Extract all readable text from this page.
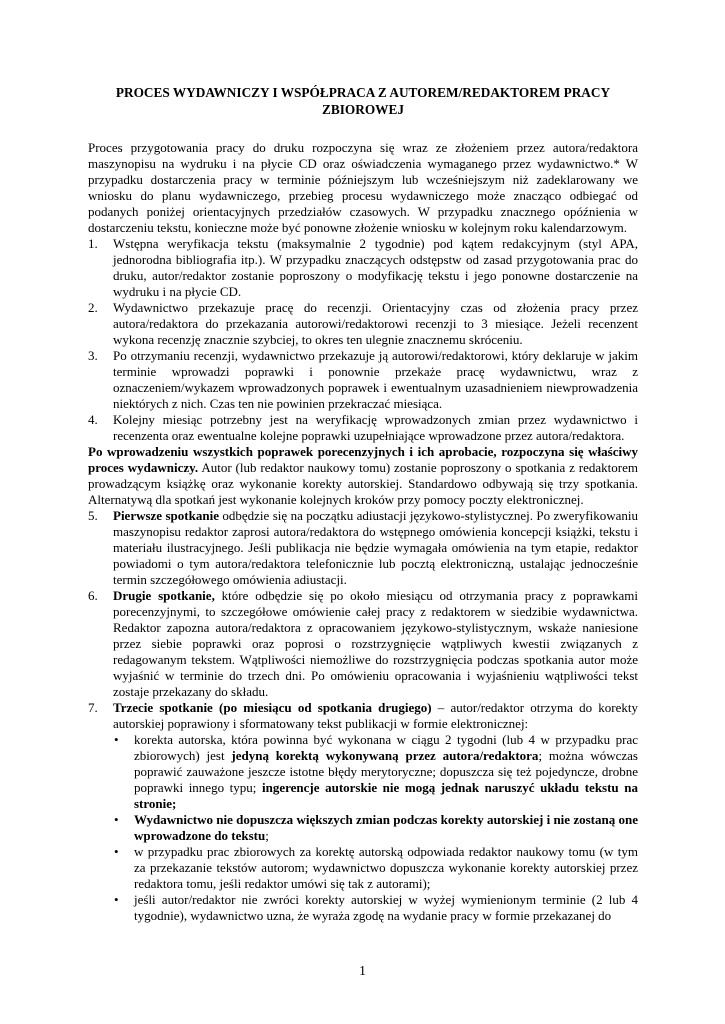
PROCES WYDAWNICZY I WSPÓŁPRACA Z AUTOREM/REDAKTOREM PRACY ZBIOROWEJ

Proces przygotowania pracy do druku rozpoczyna się wraz ze złożeniem przez autora/redaktora maszynopisu na wydruku i na płycie CD oraz oświadczenia wymaganego przez wydawnictwo.* W przypadku dostarczenia pracy w terminie późniejszym lub wcześniejszym niż zadeklarowany we wniosku do planu wydawniczego, przebieg procesu wydawniczego może znacząco odbiegać od podanych poniżej orientacyjnych przedziałów czasowych. W przypadku znacznego opóźnienia w dostarczeniu tekstu, konieczne może być ponowne złożenie wniosku w kolejnym roku kalendarzowym.

1.	Wstępna weryfikacja tekstu (maksymalnie 2 tygodnie) pod kątem redakcyjnym (styl APA, jednorodna bibliografia itp.). W przypadku znaczących odstępstw od zasad przygotowania prac do druku, autor/redaktor zostanie poproszony o modyfikację tekstu i jego ponowne dostarczenie na wydruku i na płycie CD.
2.	Wydawnictwo przekazuje pracę do recenzji. Orientacyjny czas od złożenia pracy przez autora/redaktora do przekazania autorowi/redaktorowi recenzji to 3 miesiące. Jeżeli recenzent wykona recenzję znacznie szybciej, to okres ten ulegnie znacznemu skróceniu.
3.	Po otrzymaniu recenzji, wydawnictwo przekazuje ją autorowi/redaktorowi, który deklaruje w jakim terminie wprowadzi poprawki i ponownie przekaże pracę wydawnictwu, wraz z oznaczeniem/wykazem wprowadzonych poprawek i ewentualnym uzasadnieniem niewprowadzenia niektórych z nich. Czas ten nie powinien przekraczać miesiąca.
4.	Kolejny miesiąc potrzebny jest na weryfikację wprowadzonych zmian przez wydawnictwo i recenzenta oraz ewentualne kolejne poprawki uzupełniające wprowadzone przez autora/redaktora.

Po wprowadzeniu wszystkich poprawek porecenzyjnych i ich aprobacie, rozpoczyna się właściwy proces wydawniczy. Autor (lub redaktor naukowy tomu) zostanie poproszony o spotkania z redaktorem prowadzącym książkę oraz wykonanie korekty autorskiej. Standardowo odbywają się trzy spotkania. Alternatywą dla spotkań jest wykonanie kolejnych kroków przy pomocy poczty elektronicznej.

5.	Pierwsze spotkanie odbędzie się na początku adiustacji językowo-stylistycznej. Po zweryfikowaniu maszynopisu redaktor zaprosi autora/redaktora do wstępnego omówienia koncepcji książki, tekstu i materiału ilustracyjnego. Jeśli publikacja nie będzie wymagała omówienia na tym etapie, redaktor powiadomi o tym autora/redaktora telefonicznie lub pocztą elektroniczną, ustalając jednocześnie termin szczegółowego omówienia adiustacji.
6.	Drugie spotkanie, które odbędzie się po około miesiącu od otrzymania pracy z poprawkami porecenzyjnymi, to szczegółowe omówienie całej pracy z redaktorem w siedzibie wydawnictwa. Redaktor zapozna autora/redaktora z opracowaniem językowo-stylistycznym, wskaże naniesione przez siebie poprawki oraz poprosi o rozstrzygnięcie wątpliwych kwestii związanych z redagowanym tekstem. Wątpliwości niemożliwe do rozstrzygnięcia podczas spotkania autor może wyjaśnić w terminie do trzech dni. Po omówieniu opracowania i wyjaśnieniu wątpliwości tekst zostaje przekazany do składu.
7.	Trzecie spotkanie (po miesiącu od spotkania drugiego) – autor/redaktor otrzyma do korekty autorskiej poprawiony i sformatowany tekst publikacji w formie elektronicznej:
• korekta autorska, która powinna być wykonana w ciągu 2 tygodni (lub 4 w przypadku prac zbiorowych) jest jedyną korektą wykonywaną przez autora/redaktora; można wówczas poprawić zauważone jeszcze istotne błędy merytoryczne; dopuszcza się też pojedyncze, drobne poprawki innego typu; ingerencje autorskie nie mogą jednak naruszyć układu tekstu na stronie;
• Wydawnictwo nie dopuszcza większych zmian podczas korekty autorskiej i nie zostaną one wprowadzone do tekstu;
• w przypadku prac zbiorowych za korektę autorską odpowiada redaktor naukowy tomu (w tym za przekazanie tekstów autorom; wydawnictwo dopuszcza wykonanie korekty autorskiej przez redaktora tomu, jeśli redaktor umówi się tak z autorami);
• jeśli autor/redaktor nie zwróci korekty autorskiej w wyżej wymienionym terminie (2 lub 4 tygodnie), wydawnictwo uzna, że wyraża zgodę na wydanie pracy w formie przekazanej do
1
